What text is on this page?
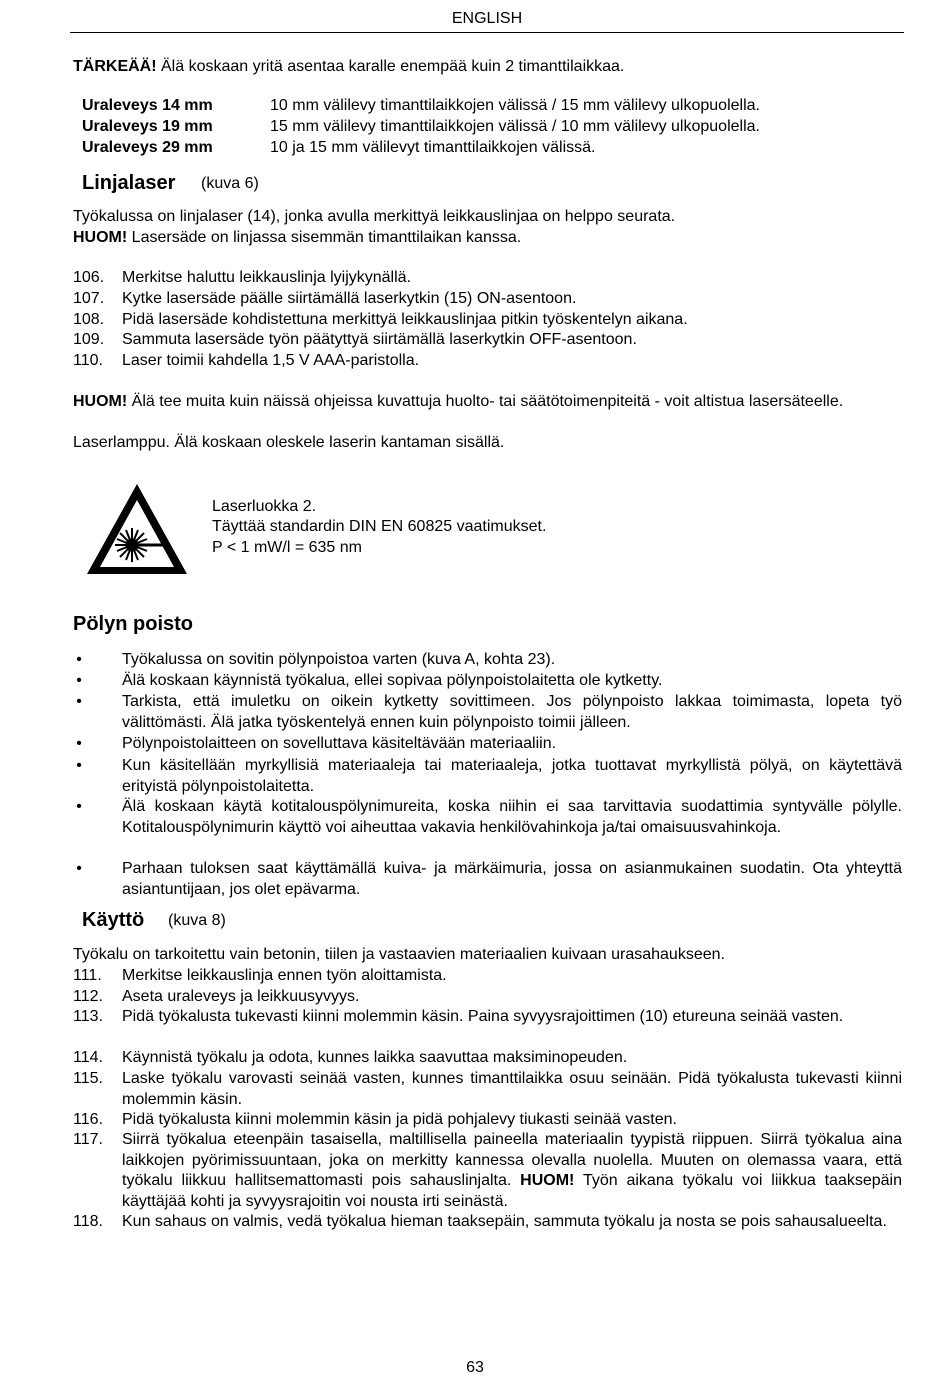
ENGLISH
TÄRKEÄÄ! Älä koskaan yritä asentaa karalle enempää kuin 2 timanttilaikkaa.
Uraleveys 14 mm	10 mm välilevy timanttilaikkojen välissä / 15 mm välilevy ulkopuolella.
Uraleveys 19 mm	15 mm välilevy timanttilaikkojen välissä / 10 mm välilevy ulkopuolella.
Uraleveys 29 mm	10 ja 15 mm välilevyt timanttilaikkojen välissä.
Linjalaser (kuva 6)
Työkalussa on linjalaser (14), jonka avulla merkittyä leikkauslinjaa on helppo seurata.
HUOM! Lasersäde on linjassa sisemmän timanttilaikan kanssa.
106.	Merkitse haluttu leikkauslinja lyijykynällä.
107.	Kytke lasersäde päälle siirtämällä laserkytkin (15) ON-asentoon.
108.	Pidä lasersäde kohdistettuna merkittyä leikkauslinjaa pitkin työskentelyn aikana.
109.	Sammuta lasersäde työn päätyttyä siirtämällä laserkytkin OFF-asentoon.
110.	Laser toimii kahdella 1,5 V AAA-paristolla.
HUOM! Älä tee muita kuin näissä ohjeissa kuvattuja huolto- tai säätötoimenpiteitä - voit altistua lasersäteelle.
Laserlamppu. Älä koskaan oleskele laserin kantaman sisällä.
Laserluokka 2.
Täyttää standardin DIN EN 60825 vaatimukset.
P < 1 mW/l = 635 nm
Pölyn poisto
•	Työkalussa on sovitin pölynpoistoa varten (kuva A, kohta 23).
•	Älä koskaan käynnistä työkalua, ellei sopivaa pölynpoistolaitetta ole kytketty.
•	Tarkista, että imuletku on oikein kytketty sovittimeen. Jos pölynpoisto lakkaa toimimasta, lopeta työ välittömästi. Älä jatka työskentelyä ennen kuin pölynpoisto toimii jälleen.
•	Pölynpoistolaitteen on sovelluttava käsiteltävään materiaaliin.
•	Kun käsitellään myrkyllisiä materiaaleja tai materiaaleja, jotka tuottavat myrkyllistä pölyä, on käytettävä erityistä pölynpoistolaitetta.
•	Älä koskaan käytä kotitalouspölynimureita, koska niihin ei saa tarvittavia suodattimia syntyvälle pölylle. Kotitalouspölynimurin käyttö voi aiheuttaa vakavia henkilövahinkoja ja/tai omaisuusvahinkoja.
•	Parhaan tuloksen saat käyttämällä kuiva- ja märkäimuria, jossa on asianmukainen suodatin. Ota yhteyttä asiantuntijaan, jos olet epävarma.
Käyttö (kuva 8)
Työkalu on tarkoitettu vain betonin, tiilen ja vastaavien materiaalien kuivaan urasahaukseen.
111.	Merkitse leikkauslinja ennen työn aloittamista.
112.	Aseta uraleveys ja leikkuusyvyys.
113.	Pidä työkalusta tukevasti kiinni molemmin käsin. Paina syvyysrajoittimen (10) etureuna seinää vasten.
114.	Käynnistä työkalu ja odota, kunnes laikka saavuttaa maksiminopeuden.
115.	Laske työkalu varovasti seinää vasten, kunnes timanttilaikka osuu seinään. Pidä työkalusta tukevasti kiinni molemmin käsin.
116.	Pidä työkalusta kiinni molemmin käsin ja pidä pohjalevy tiukasti seinää vasten.
117.	Siirrä työkalua eteenpäin tasaisella, maltillisella paineella materiaalin tyypistä riippuen. Siirrä työkalua aina laikkojen pyörimissuuntaan, joka on merkitty kannessa olevalla nuolella. Muuten on olemassa vaara, että työkalu liikkuu hallitsemattomasti pois sahauslinjalta. HUOM! Työn aikana työkalu voi liikkua taaksepäin käyttäjää kohti ja syvyysrajoitin voi nousta irti seinästä.
118.	Kun sahaus on valmis, vedä työkalua hieman taaksepäin, sammuta työkalu ja nosta se pois sahausalueelta.
63
